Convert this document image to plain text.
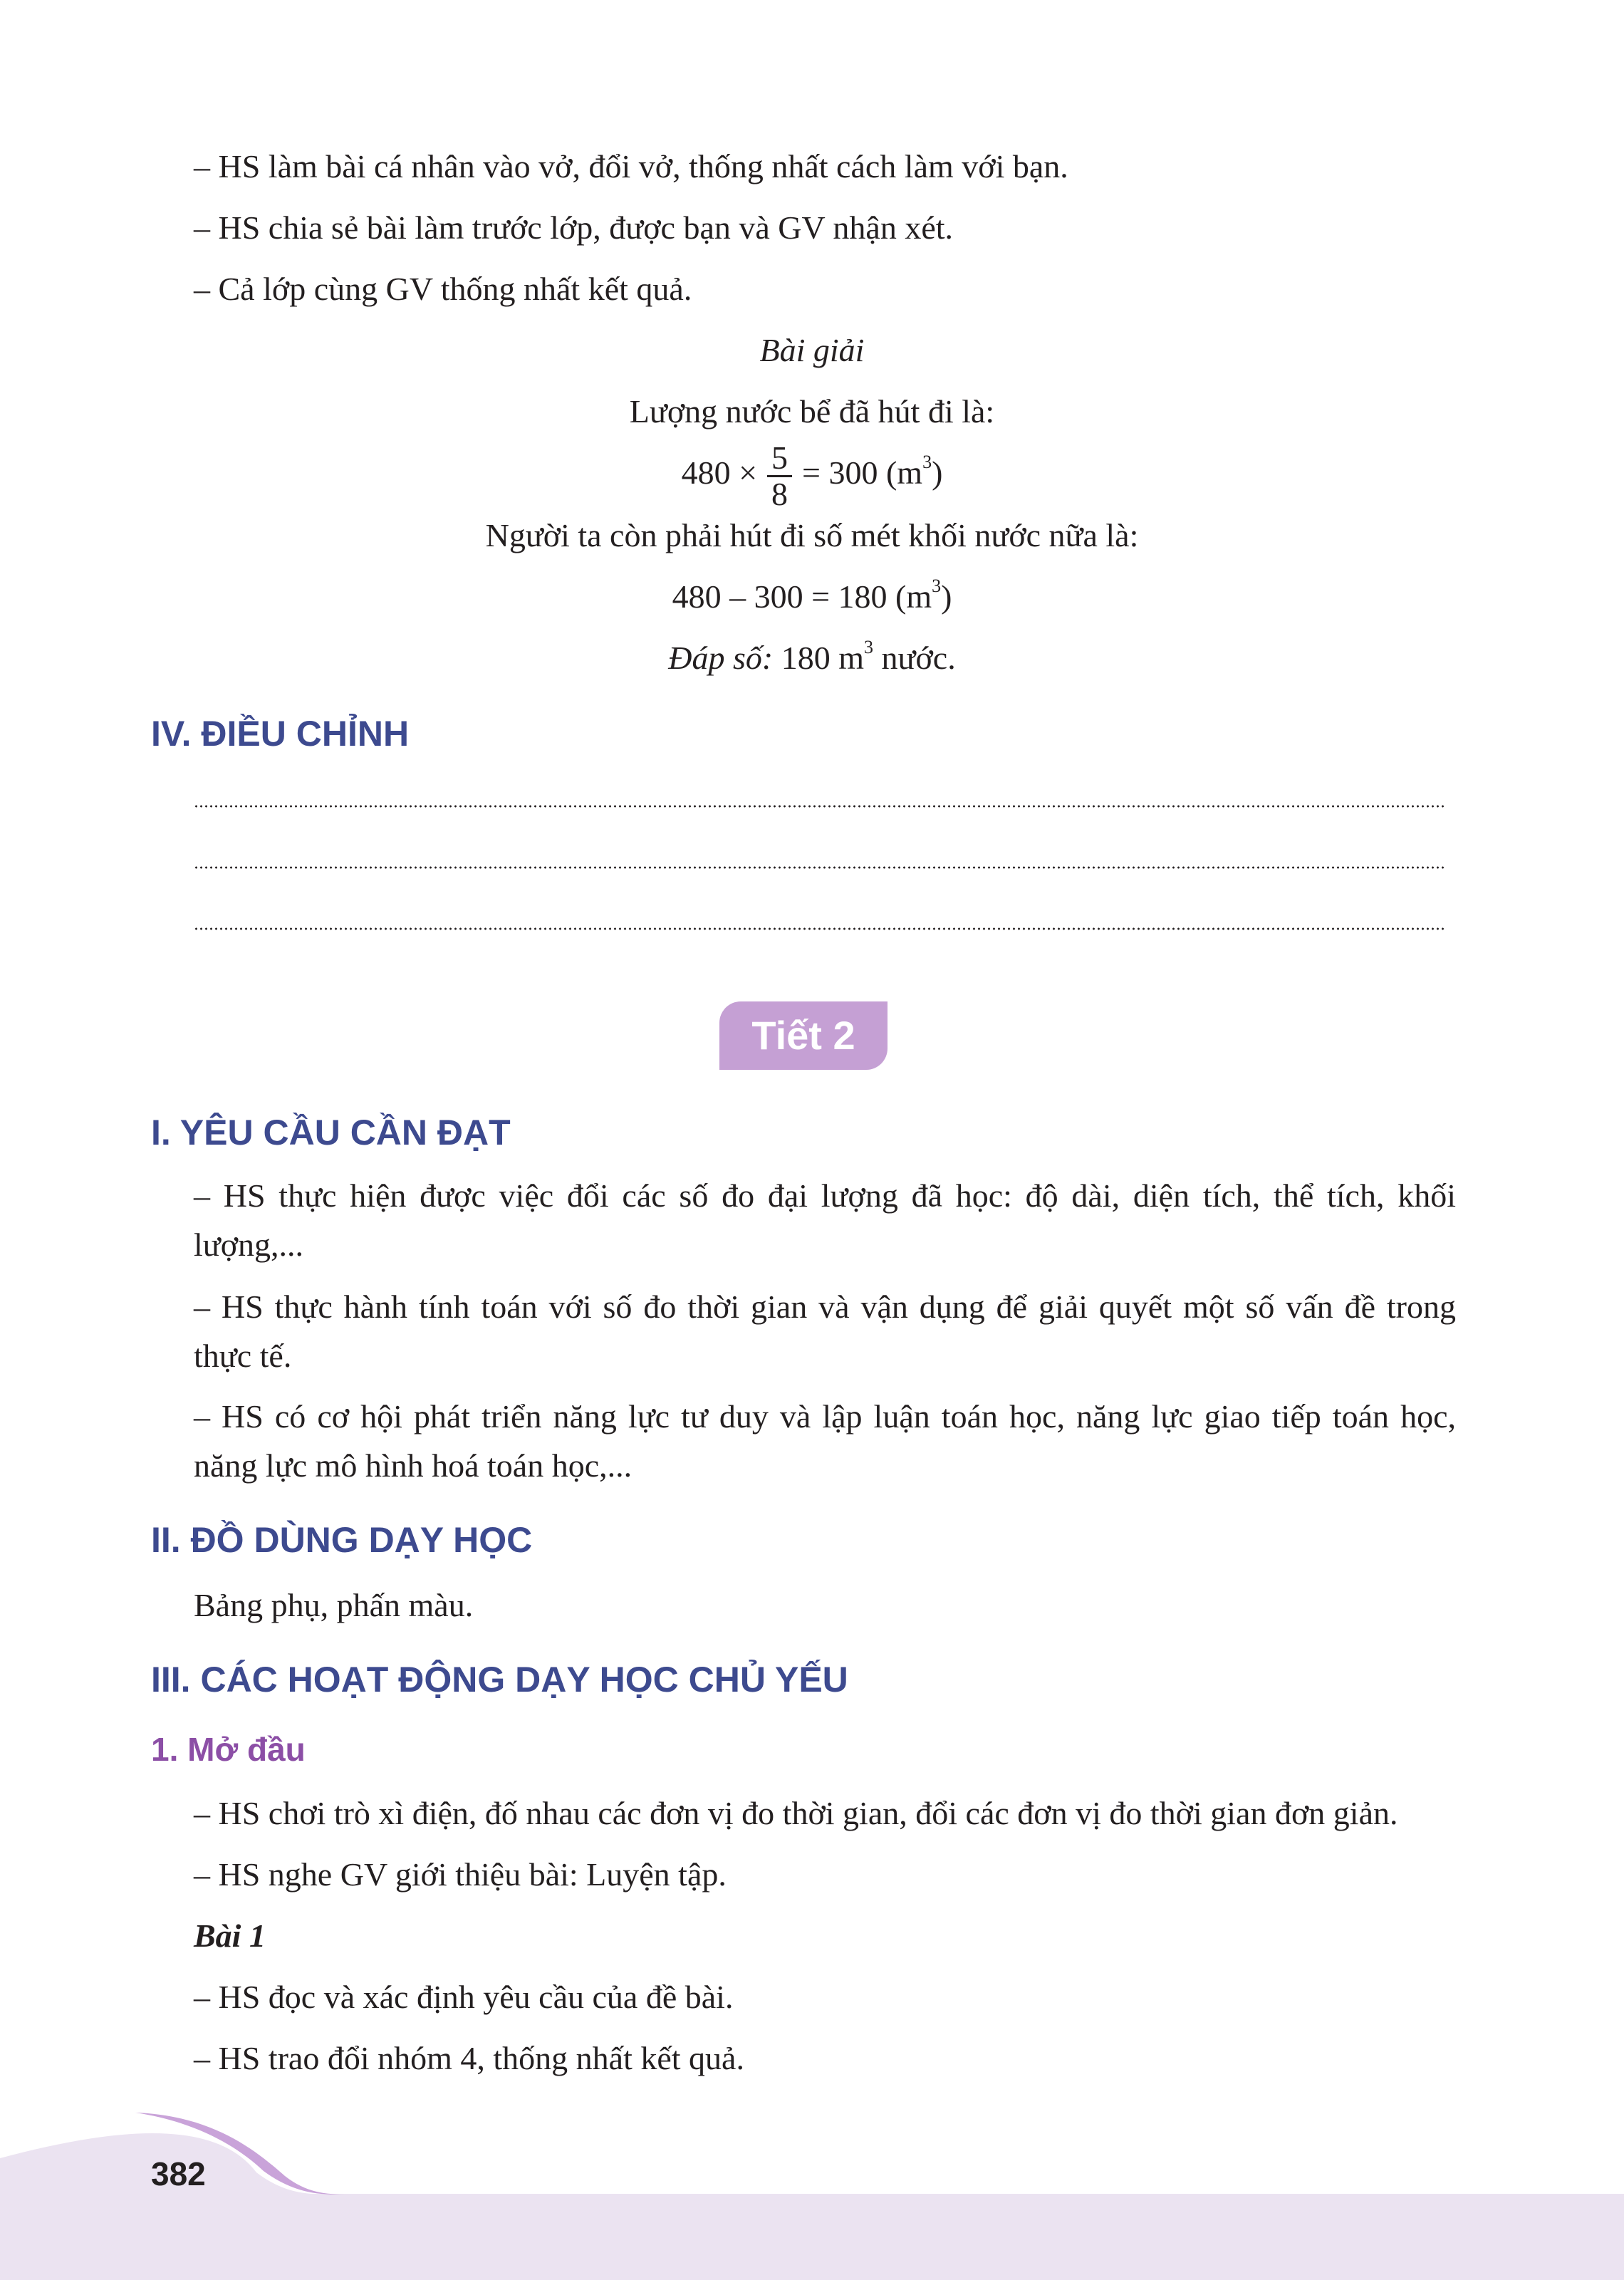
– HS làm bài cá nhân vào vở, đổi vở, thống nhất cách làm với bạn.
– HS chia sẻ bài làm trước lớp, được bạn và GV nhận xét.
– Cả lớp cùng GV thống nhất kết quả.
Bài giải
Lượng nước bể đã hút đi là:
$480 \times \frac{5}{8} = 300$ $(m^3)$
Người ta còn phải hút đi số mét khối nước nữa là:
480 – 300 = 180 $(m^3)$
Đáp số: 180 $m^3$ nước.
IV. ĐIỀU CHỈNH
Tiết 2
I. YÊU CẦU CẦN ĐẠT
– HS thực hiện được việc đổi các số đo đại lượng đã học: độ dài, diện tích, thể tích, khối lượng,...
– HS thực hành tính toán với số đo thời gian và vận dụng để giải quyết một số vấn đề trong thực tế.
– HS có cơ hội phát triển năng lực tư duy và lập luận toán học, năng lực giao tiếp toán học, năng lực mô hình hoá toán học,...
II. ĐỒ DÙNG DẠY HỌC
Bảng phụ, phấn màu.
III. CÁC HOẠT ĐỘNG DẠY HỌC CHỦ YẾU
1. Mở đầu
– HS chơi trò xì điện, đố nhau các đơn vị đo thời gian, đổi các đơn vị đo thời gian đơn giản.
– HS nghe GV giới thiệu bài: Luyện tập.
Bài 1
– HS đọc và xác định yêu cầu của đề bài.
– HS trao đổi nhóm 4, thống nhất kết quả.
382
